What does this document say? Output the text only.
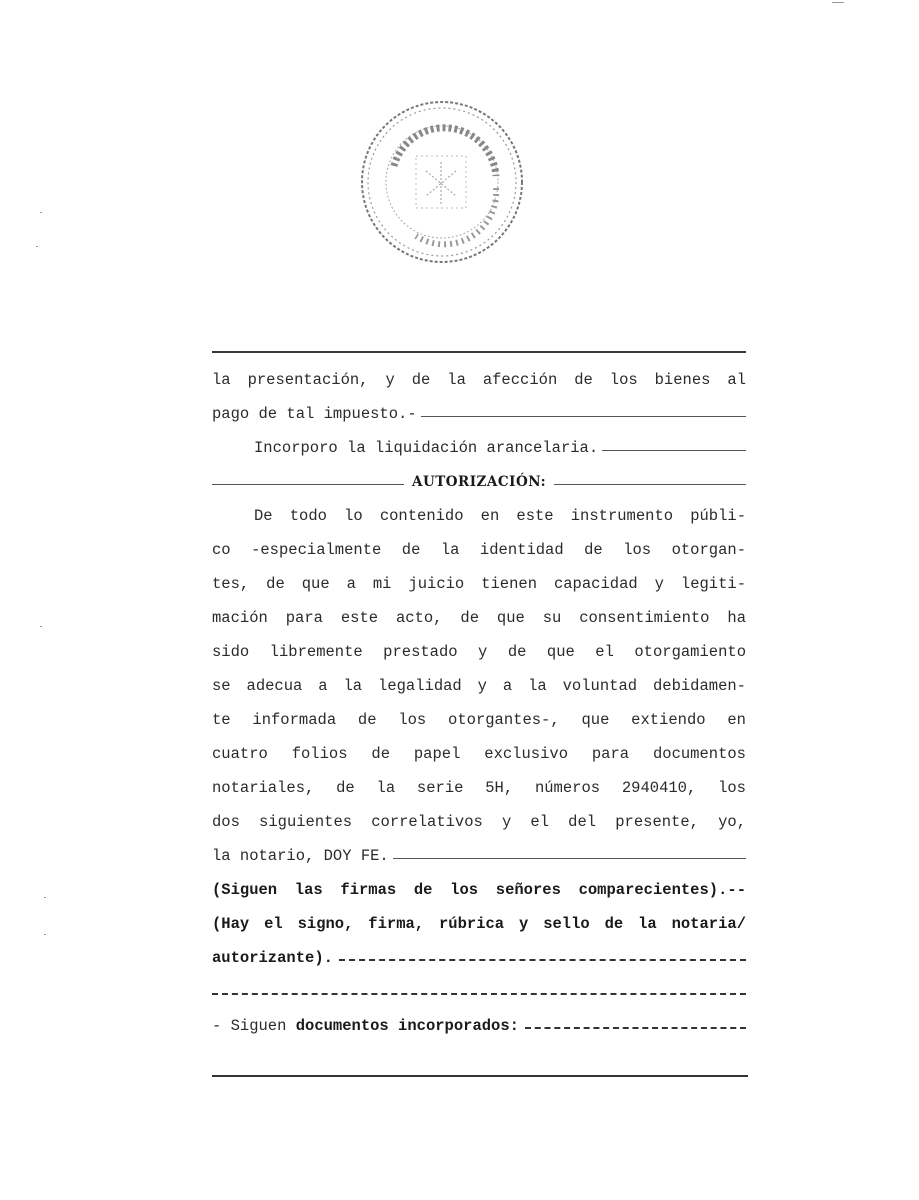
la presentación, y de la afección de los bienes al
pago de tal impuesto.-
Incorporo la liquidación arancelaria.
AUTORIZACIÓN:
De todo lo contenido en este instrumento públi-
co -especialmente de la identidad de los otorgan-
tes, de que a mi juicio tienen capacidad y legiti-
mación para este acto, de que su consentimiento ha
sido libremente prestado y de que el otorgamiento
se adecua a la legalidad y a la voluntad debidamen-
te informada de los otorgantes-, que extiendo en
cuatro folios de papel exclusivo para documentos
notariales, de la serie 5H, números 2940410, los
dos siguientes correlativos y el del presente, yo,
la notario, DOY FE.
(Siguen las firmas de los señores comparecientes).--
(Hay el signo, firma, rúbrica y sello de la notaria/
autorizante).
- Siguen documentos incorporados:
